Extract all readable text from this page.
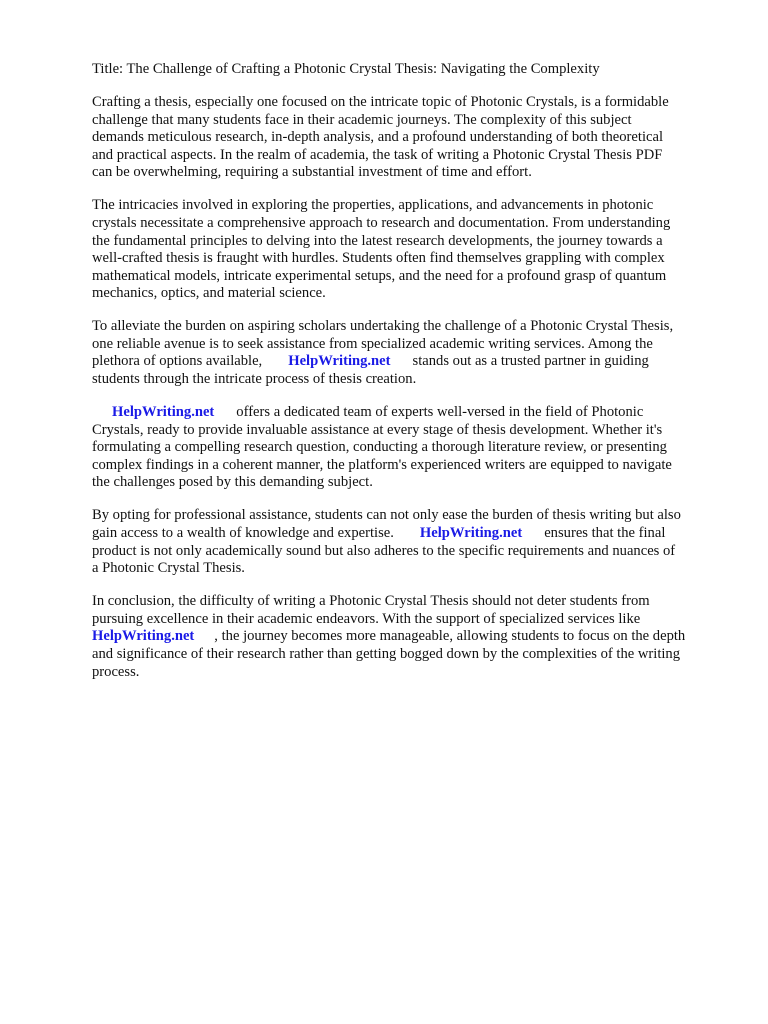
Title: The Challenge of Crafting a Photonic Crystal Thesis: Navigating the Complexity
Crafting a thesis, especially one focused on the intricate topic of Photonic Crystals, is a formidable
challenge that many students face in their academic journeys. The complexity of this subject
demands meticulous research, in-depth analysis, and a profound understanding of both theoretical
and practical aspects. In the realm of academia, the task of writing a Photonic Crystal Thesis PDF
can be overwhelming, requiring a substantial investment of time and effort.
The intricacies involved in exploring the properties, applications, and advancements in photonic
crystals necessitate a comprehensive approach to research and documentation. From understanding
the fundamental principles to delving into the latest research developments, the journey towards a
well-crafted thesis is fraught with hurdles. Students often find themselves grappling with complex
mathematical models, intricate experimental setups, and the need for a profound grasp of quantum
mechanics, optics, and material science.
To alleviate the burden on aspiring scholars undertaking the challenge of a Photonic Crystal Thesis,
one reliable avenue is to seek assistance from specialized academic writing services. Among the
plethora of options available, HelpWriting.net stands out as a trusted partner in guiding
students through the intricate process of thesis creation.
HelpWriting.net offers a dedicated team of experts well-versed in the field of Photonic
Crystals, ready to provide invaluable assistance at every stage of thesis development. Whether it's
formulating a compelling research question, conducting a thorough literature review, or presenting
complex findings in a coherent manner, the platform's experienced writers are equipped to navigate
the challenges posed by this demanding subject.
By opting for professional assistance, students can not only ease the burden of thesis writing but also
gain access to a wealth of knowledge and expertise. HelpWriting.net ensures that the final
product is not only academically sound but also adheres to the specific requirements and nuances of
a Photonic Crystal Thesis.
In conclusion, the difficulty of writing a Photonic Crystal Thesis should not deter students from
pursuing excellence in their academic endeavors. With the support of specialized services like
HelpWriting.net , the journey becomes more manageable, allowing students to focus on the depth
and significance of their research rather than getting bogged down by the complexities of the writing
process.
